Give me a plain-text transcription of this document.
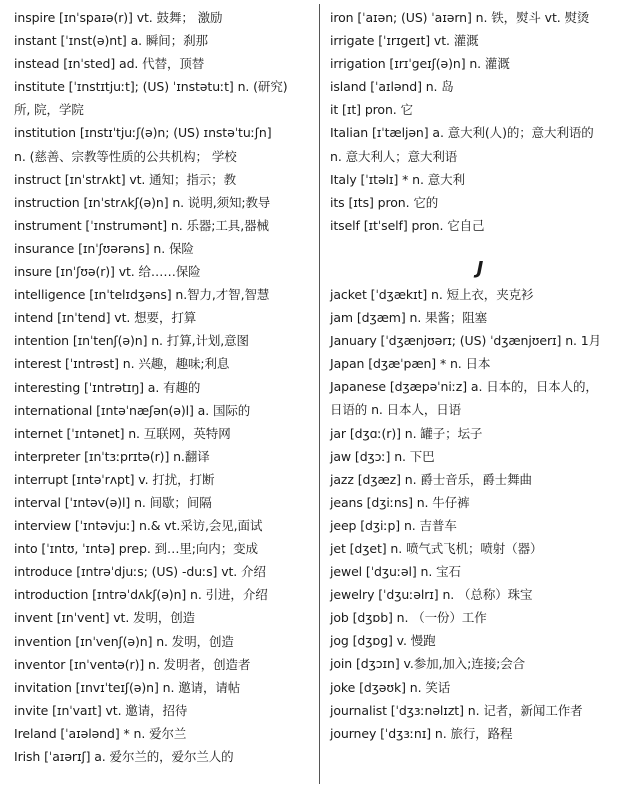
inspire [ɪnˈspaɪə(r)] vt. 鼓舞； 激励
instant [ˈɪnst(ə)nt] a. 瞬间；刹那
instead [ɪnˈsted] ad. 代替，顶替
institute [ˈɪnstɪtjuːt]; (US) ˈɪnstətuːt] n. (研究)
所, 院，学院
institution [ɪnstɪˈtjuːʃ(ə)n; (US) ɪnstəˈtuːʃn]
n. (慈善、宗教等性质的公共机构； 学校
instruct [ɪnˈstrʌkt] vt. 通知；指示；教
instruction [ɪnˈstrʌkʃ(ə)n] n. 说明,须知;教导
instrument [ˈɪnstrumənt] n. 乐器;工具,器械
insurance [ɪnˈʃʊərəns] n. 保险
insure [ɪnˈʃʊə(r)] vt. 给……保险
intelligence [ɪnˈtelɪdʒəns] n.智力,才智,智慧
intend [ɪnˈtend] vt. 想要，打算
intention [ɪnˈtenʃ(ə)n] n. 打算,计划,意图
interest [ˈɪntrəst] n. 兴趣，趣味;利息
interesting [ˈɪntrətɪŋ] a. 有趣的
international [ɪntəˈnæʃən(ə)l] a. 国际的
internet [ˈɪntənet] n. 互联网，英特网
interpreter [ɪnˈtɜːprɪtə(r)] n.翻译
interrupt [ɪntəˈrʌpt] v. 打扰，打断
interval [ˈɪntəv(ə)l] n. 间歇；间隔
interview [ˈɪntəvjuː] n.& vt.采访,会见,面试
into [ˈɪntʊ, ˈɪntə] prep. 到…里;向内；变成
introduce [ɪntrəˈdjuːs; (US) -duːs] vt. 介绍
introduction [ɪntrəˈdʌkʃ(ə)n] n. 引进，介绍
invent [ɪnˈvent] vt. 发明，创造
invention [ɪnˈvenʃ(ə)n] n. 发明，创造
inventor [ɪnˈventə(r)] n. 发明者，创造者
invitation [ɪnvɪˈteɪʃ(ə)n] n. 邀请，请帖
invite [ɪnˈvaɪt] vt. 邀请，招待
Ireland [ˈaɪələnd] * n. 爱尔兰
Irish [ˈaɪərɪʃ] a. 爱尔兰的，爱尔兰人的
iron [ˈaɪən; (US) ˈaɪərn] n. 铁，熨斗 vt. 熨烫
irrigate [ˈɪrɪgeɪt] vt. 灌溉
irrigation [ɪrɪˈgeɪʃ(ə)n] n. 灌溉
island [ˈaɪlənd] n. 岛
it [ɪt] pron. 它
Italian [ɪˈtæljən] a. 意大利(人)的；意大利语的
n. 意大利人；意大利语
Italy [ˈɪtəlɪ] * n. 意大利
its [ɪts] pron. 它的
itself [ɪtˈself] pron. 它自己
J
jacket [ˈdʒækɪt] n. 短上衣，夹克衫
jam [dʒæm] n. 果酱；阻塞
January [ˈdʒænjʊərɪ; (US) ˈdʒænjʊerɪ] n. 1月
Japan [dʒæˈpæn] * n. 日本
Japanese [dʒæpəˈniːz] a. 日本的，日本人的，
日语的 n. 日本人，日语
jar [dʒɑː(r)] n. 罐子；坛子
jaw [dʒɔː] n. 下巴
jazz [dʒæz] n. 爵士音乐，爵士舞曲
jeans [dʒiːns] n. 牛仔裤
jeep [dʒiːp] n. 吉普车
jet [dʒet] n. 喷气式飞机；喷射（器）
jewel [ˈdʒuːəl] n. 宝石
jewelry [ˈdʒuːəlrɪ] n. （总称）珠宝
job [dʒɒb] n. （一份）工作
jog [dʒɒg] v. 慢跑
join [dʒɔɪn] v.参加,加入;连接;会合
joke [dʒəʊk] n. 笑话
journalist [ˈdʒɜːnəlɪzt] n. 记者，新闻工作者
journey [ˈdʒɜːnɪ] n. 旅行，路程
